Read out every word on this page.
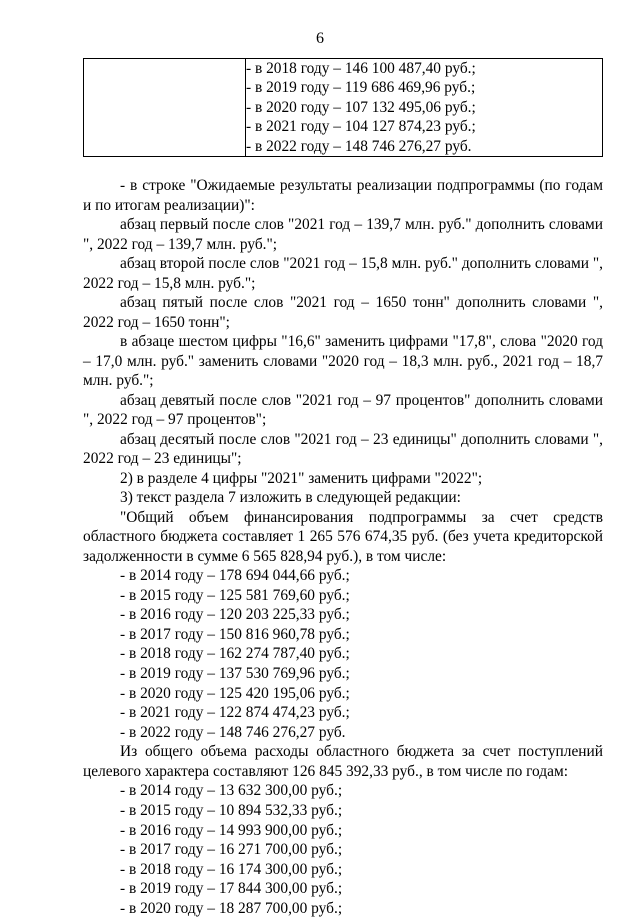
6

- в 2018 году – 146 100 487,40 руб.;
- в 2019 году – 119 686 469,96 руб.;
- в 2020 году – 107 132 495,06 руб.;
- в 2021 году – 104 127 874,23 руб.;
- в 2022 году – 148 746 276,27 руб.
- в строке "Ожидаемые результаты реализации подпрограммы (по годам и по итогам реализации)":
абзац первый после слов "2021 год – 139,7 млн. руб." дополнить словами ", 2022 год – 139,7 млн. руб.";
абзац второй после слов "2021 год – 15,8 млн. руб." дополнить словами ", 2022 год – 15,8 млн. руб.";
абзац пятый после слов "2021 год – 1650 тонн" дополнить словами ", 2022 год – 1650 тонн";
в абзаце шестом цифры "16,6" заменить цифрами "17,8", слова "2020 год – 17,0 млн. руб." заменить словами "2020 год – 18,3 млн. руб., 2021 год – 18,7 млн. руб.";
абзац девятый после слов "2021 год – 97 процентов" дополнить словами ", 2022 год – 97 процентов";
абзац десятый после слов "2021 год – 23 единицы" дополнить словами ", 2022 год – 23 единицы";
2) в разделе 4 цифры "2021" заменить цифрами "2022";
3) текст раздела 7 изложить в следующей редакции:
"Общий объем финансирования подпрограммы за счет средств областного бюджета составляет 1 265 576 674,35 руб. (без учета кредиторской задолженности в сумме 6 565 828,94 руб.), в том числе:
- в 2014 году – 178 694 044,66 руб.;
- в 2015 году – 125 581 769,60 руб.;
- в 2016 году – 120 203 225,33 руб.;
- в 2017 году – 150 816 960,78 руб.;
- в 2018 году – 162 274 787,40 руб.;
- в 2019 году – 137 530 769,96 руб.;
- в 2020 году – 125 420 195,06 руб.;
- в 2021 году – 122 874 474,23 руб.;
- в 2022 году – 148 746 276,27 руб.
Из общего объема расходы областного бюджета за счет поступлений целевого характера составляют 126 845 392,33 руб., в том числе по годам:
- в 2014 году – 13 632 300,00 руб.;
- в 2015 году – 10 894 532,33 руб.;
- в 2016 году – 14 993 900,00 руб.;
- в 2017 году – 16 271 700,00 руб.;
- в 2018 году – 16 174 300,00 руб.;
- в 2019 году – 17 844 300,00 руб.;
- в 2020 году – 18 287 700,00 руб.;
